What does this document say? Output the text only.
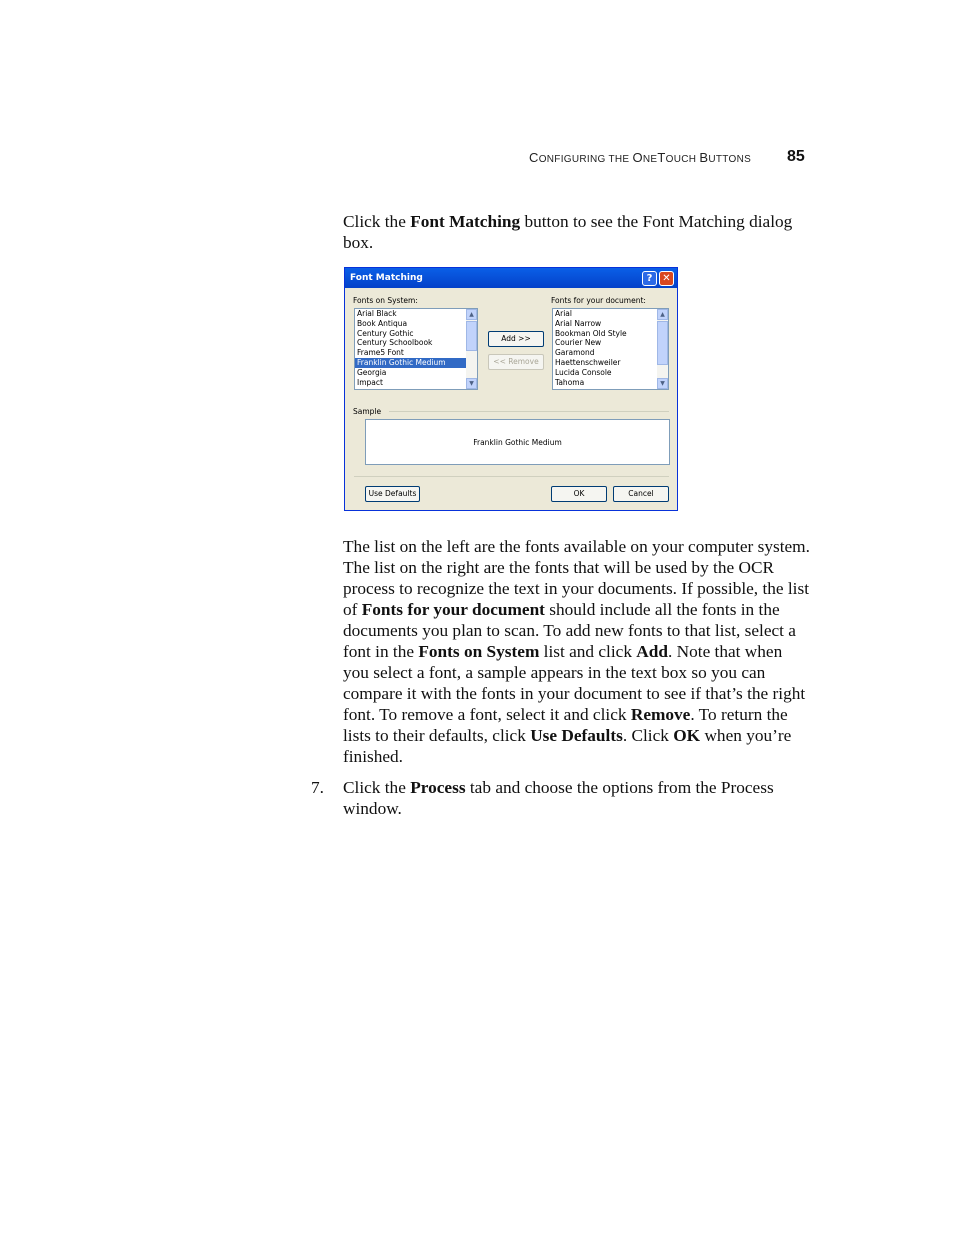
CONFIGURING THE ONETOUCH BUTTONS 85
Click the Font Matching button to see the Font Matching dialog box.
Font Matching	? ✕
Fonts on System:	Fonts for your document:
Arial Black
Book Antiqua
Century Gothic
Century Schoolbook
Frame5 Font
Franklin Gothic Medium
Georgia
Impact
▲
▼
Add >>
<< Remove
Arial
Arial Narrow
Bookman Old Style
Courier New
Garamond
Haettenschweiler
Lucida Console
Tahoma
▲
▼
Sample
Franklin Gothic Medium
Use Defaults	OK	Cancel
The list on the left are the fonts available on your computer system. The list on the right are the fonts that will be used by the OCR process to recognize the text in your documents. If possible, the list of Fonts for your document should include all the fonts in the documents you plan to scan. To add new fonts to that list, select a font in the Fonts on System list and click Add. Note that when you select a font, a sample appears in the text box so you can compare it with the fonts in your document to see if that’s the right font. To remove a font, select it and click Remove. To return the lists to their defaults, click Use Defaults. Click OK when you’re finished.
7. Click the Process tab and choose the options from the Process window.
